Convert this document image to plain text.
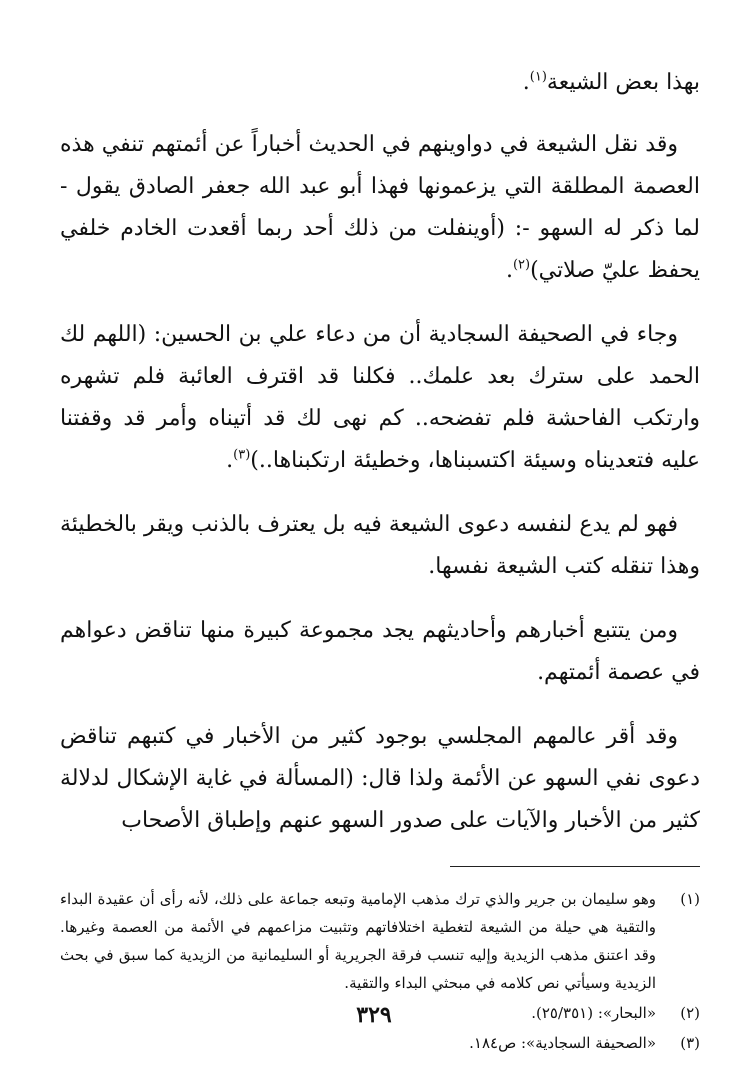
بهذا بعض الشيعة$^{(١)}$.

وقد نقل الشيعة في دواوينهم في الحديث أخباراً عن أئمتهم تنفي هذه العصمة المطلقة التي يزعمونها فهذا أبو عبد الله جعفر الصادق يقول - لما ذكر له السهو -: (أوينفلت من ذلك أحد ربما أقعدت الخادم خلفي يحفظ عليّ صلاتي)$^{(٢)}$.

وجاء في الصحيفة السجادية أن من دعاء علي بن الحسين: (اللهم لك الحمد على سترك بعد علمك.. فكلنا قد اقترف العائبة فلم تشهره وارتكب الفاحشة فلم تفضحه.. كم نهى لك قد أتيناه وأمر قد وقفتنا عليه فتعديناه وسيئة اكتسبناها، وخطيئة ارتكبناها..)$^{(٣)}$.

فهو لم يدع لنفسه دعوى الشيعة فيه بل يعترف بالذنب ويقر بالخطيئة وهذا تنقله كتب الشيعة نفسها.

ومن يتتبع أخبارهم وأحاديثهم يجد مجموعة كبيرة منها تناقض دعواهم في عصمة أئمتهم.

وقد أقر عالمهم المجلسي بوجود كثير من الأخبار في كتبهم تناقض دعوى نفي السهو عن الأئمة ولذا قال: (المسألة في غاية الإشكال لدلالة كثير من الأخبار والآيات على صدور السهو عنهم وإطباق الأصحاب

(١)
وهو سليمان بن جرير والذي ترك مذهب الإمامية وتبعه جماعة على ذلك، لأنه رأى أن عقيدة البداء والتقية هي حيلة من الشيعة لتغطية اختلافاتهم وتثبيت مزاعمهم في الأئمة من العصمة وغيرها. وقد اعتنق مذهب الزيدية وإليه تنسب فرقة الجريرية أو السليمانية من الزيدية كما سبق في بحث الزيدية وسيأتي نص كلامه في مبحثي البداء والتقية.
(٢)
«البحار»: (٢٥/٣٥١).
(٣)
«الصحيفة السجادية»: ص١٨٤.
٣٢٩
